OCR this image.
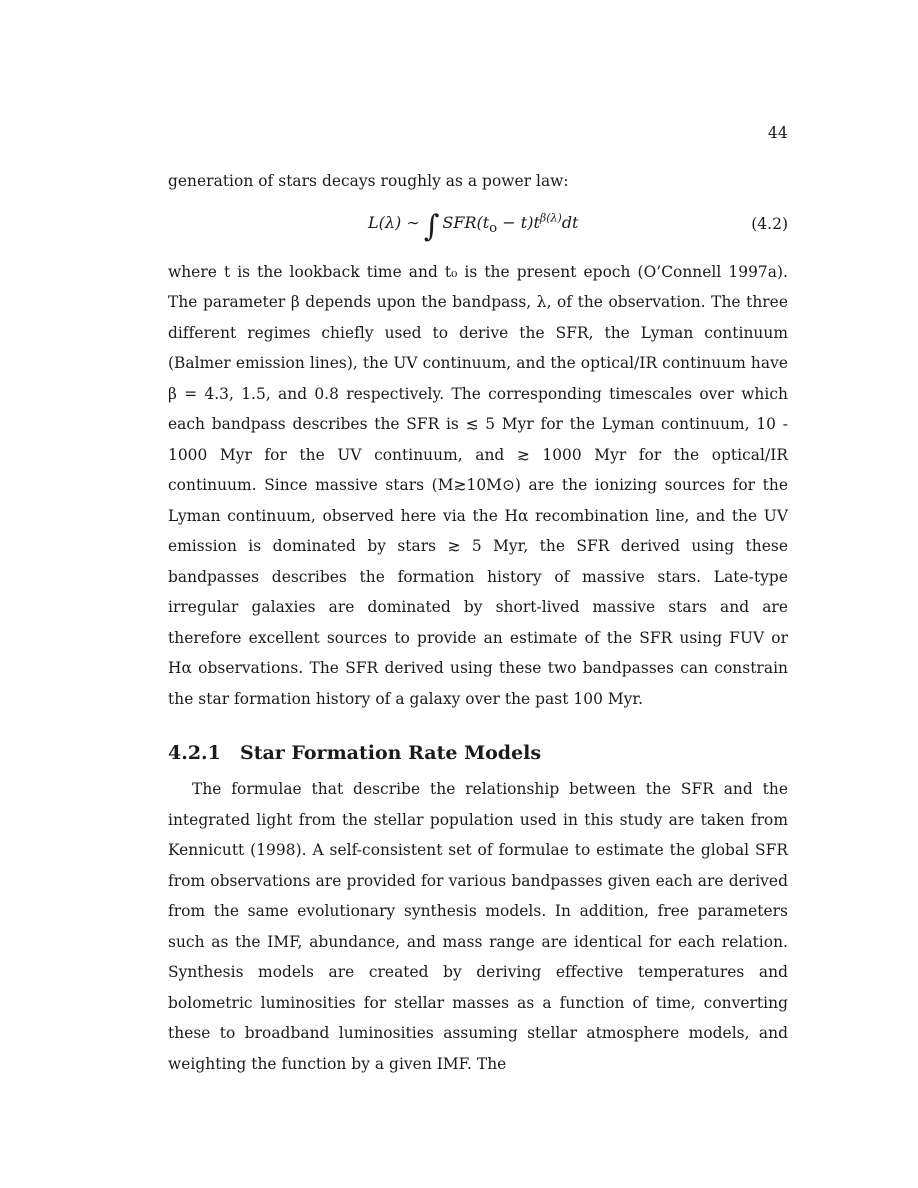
44

generation of stars decays roughly as a power law:

L(λ) ∼ ∫ $SFR(t_o - t)t^{\beta(\lambda)}dt$	(4.2)

where t is the lookback time and t₀ is the present epoch (O’Connell 1997a). The parameter β depends upon the bandpass, λ, of the observation. The three different regimes chiefly used to derive the SFR, the Lyman continuum (Balmer emission lines), the UV continuum, and the optical/IR continuum have β = 4.3, 1.5, and 0.8 respectively. The corresponding timescales over which each bandpass describes the SFR is ≲ 5 Myr for the Lyman continuum, 10 - 1000 Myr for the UV continuum, and ≳ 1000 Myr for the optical/IR continuum. Since massive stars (M≳10M⊙) are the ionizing sources for the Lyman continuum, observed here via the Hα recombination line, and the UV emission is dominated by stars ≳ 5 Myr, the SFR derived using these bandpasses describes the formation history of massive stars. Late-type irregular galaxies are dominated by short-lived massive stars and are therefore excellent sources to provide an estimate of the SFR using FUV or Hα observations. The SFR derived using these two bandpasses can constrain the star formation history of a galaxy over the past 100 Myr.

4.2.1 Star Formation Rate Models

The formulae that describe the relationship between the SFR and the integrated light from the stellar population used in this study are taken from Kennicutt (1998). A self-consistent set of formulae to estimate the global SFR from observations are provided for various bandpasses given each are derived from the same evolutionary synthesis models. In addition, free parameters such as the IMF, abundance, and mass range are identical for each relation. Synthesis models are created by deriving effective temperatures and bolometric luminosities for stellar masses as a function of time, converting these to broadband luminosities assuming stellar atmosphere models, and weighting the function by a given IMF. The
